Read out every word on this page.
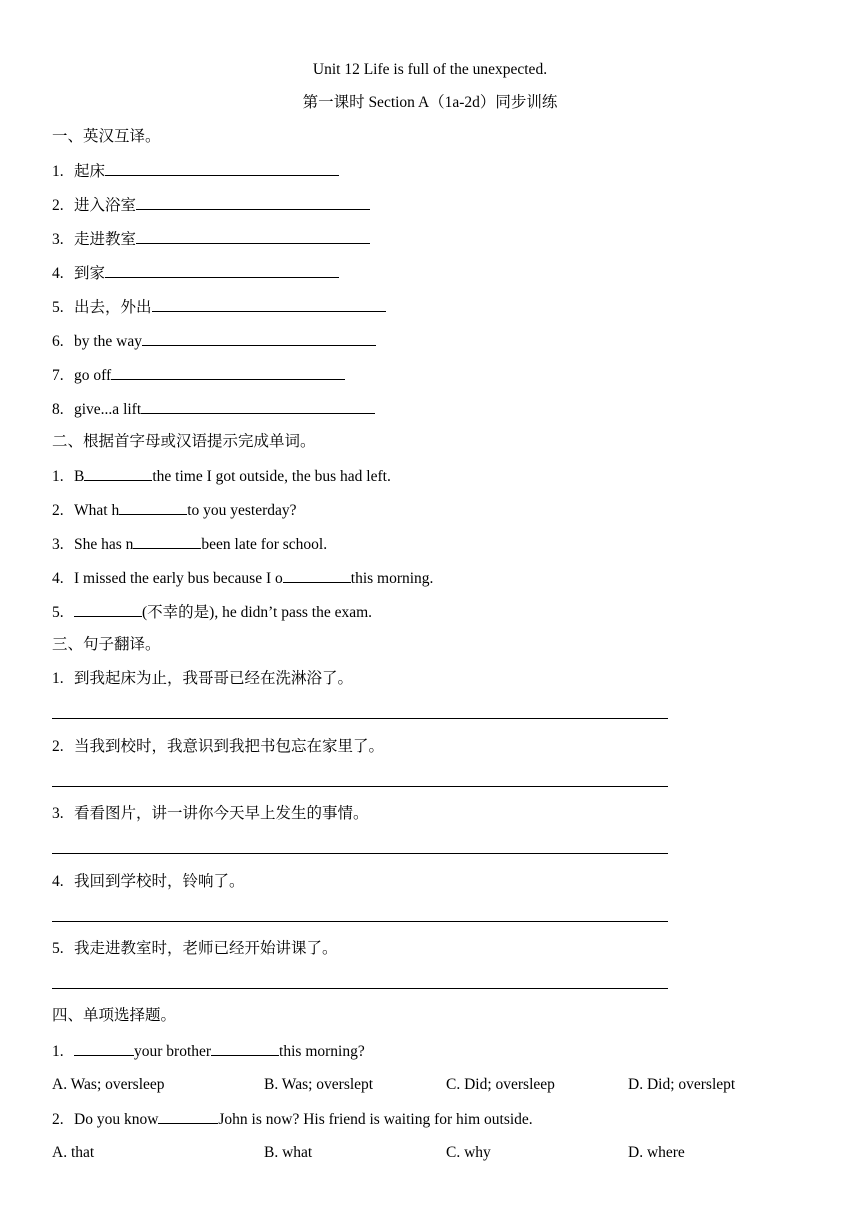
Unit 12 Life is full of the unexpected.
第一课时 Section A（1a-2d）同步训练
一、英汉互译。
1. 起床
2. 进入浴室
3. 走进教室
4. 到家
5. 出去，外出
6. by the way
7. go off
8. give...a lift
二、根据首字母或汉语提示完成单词。
1. B	the time I got outside, the bus had left.
2. What h	to you yesterday?
3. She has n	been late for school.
4. I missed the early bus because I o	this morning.
5.	(不幸的是), he didn’t pass the exam.
三、句子翻译。
1. 到我起床为止，我哥哥已经在洗淋浴了。
2. 当我到校时，我意识到我把书包忘在家里了。
3. 看看图片，讲一讲你今天早上发生的事情。
4. 我回到学校时，铃响了。
5. 我走进教室时，老师已经开始讲课了。
四、单项选择题。
1.	your brother	this morning?
A. Was; oversleep	B. Was; overslept	C. Did; oversleep	D. Did; overslept
2. Do you know	John is now? His friend is waiting for him outside.
A. that	B. what	C. why	D. where
